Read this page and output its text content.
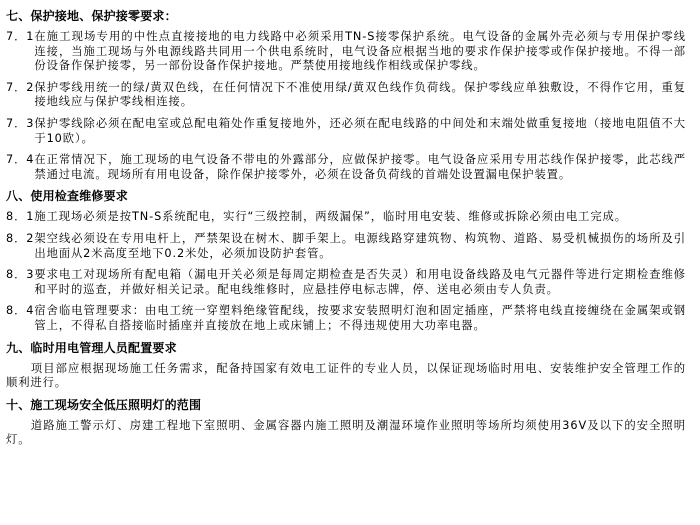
七、保护接地、保护接零要求：
7．1 在施工现场专用的中性点直接接地的电力线路中必须采用TN-S接零保护系统。电气设备的金属外壳必须与专用保护零线连接，当施工现场与外电源线路共同用一个供电系统时，电气设备应根据当地的要求作保护接零或作保护接地。不得一部份设备作保护接零，另一部份设备作保护接地。严禁使用接地线作相线或保护零线。
7．2 保护零线用统一的绿/黄双色线，在任何情况下不准使用绿/黄双色线作负荷线。保护零线应单独敷设，不得作它用，重复接地线应与保护零线相连接。
7．3 保护零线除必须在配电室或总配电箱处作重复接地外，还必须在配电线路的中间处和末端处做重复接地（接地电阻值不大于10欧）。
7．4 在正常情况下，施工现场的电气设备不带电的外露部分，应做保护接零。电气设备应采用专用芯线作保护接零，此芯线严禁通过电流。现场所有用电设备，除作保护接零外，必须在设备负荷线的首端处设置漏电保护装置。
八、使用检查维修要求
8．1 施工现场必须是按TN-S系统配电，实行“三级控制，两级漏保”，临时用电安装、维修或拆除必须由电工完成。
8．2 架空线必须设在专用电杆上，严禁架设在树木、脚手架上。电源线路穿建筑物、构筑物、道路、易受机械损伤的场所及引出地面从2米高度至地下0.2米处，必须加设防护套管。
8．3 要求电工对现场所有配电箱（漏电开关必须是每周定期检查是否失灵）和用电设备线路及电气元器件等进行定期检查维修和平时的巡查，并做好相关记录。配电线维修时，应悬挂停电标志牌，停、送电必须由专人负责。
8．4 宿舍临电管理要求：由电工统一穿塑料绝缘管配线，按要求安装照明灯泡和固定插座，严禁将电线直接缠绕在金属架或钢管上，不得私自搭接临时插座并直接放在地上或床铺上；不得违规使用大功率电器。
九、临时用电管理人员配置要求
项目部应根据现场施工任务需求，配备持国家有效电工证件的专业人员，以保证现场临时用电、安装维护安全管理工作的顺利进行。
十、施工现场安全低压照明灯的范围
道路施工警示灯、房建工程地下室照明、金属容器内施工照明及潮湿环境作业照明等场所均须使用36V及以下的安全照明灯。
